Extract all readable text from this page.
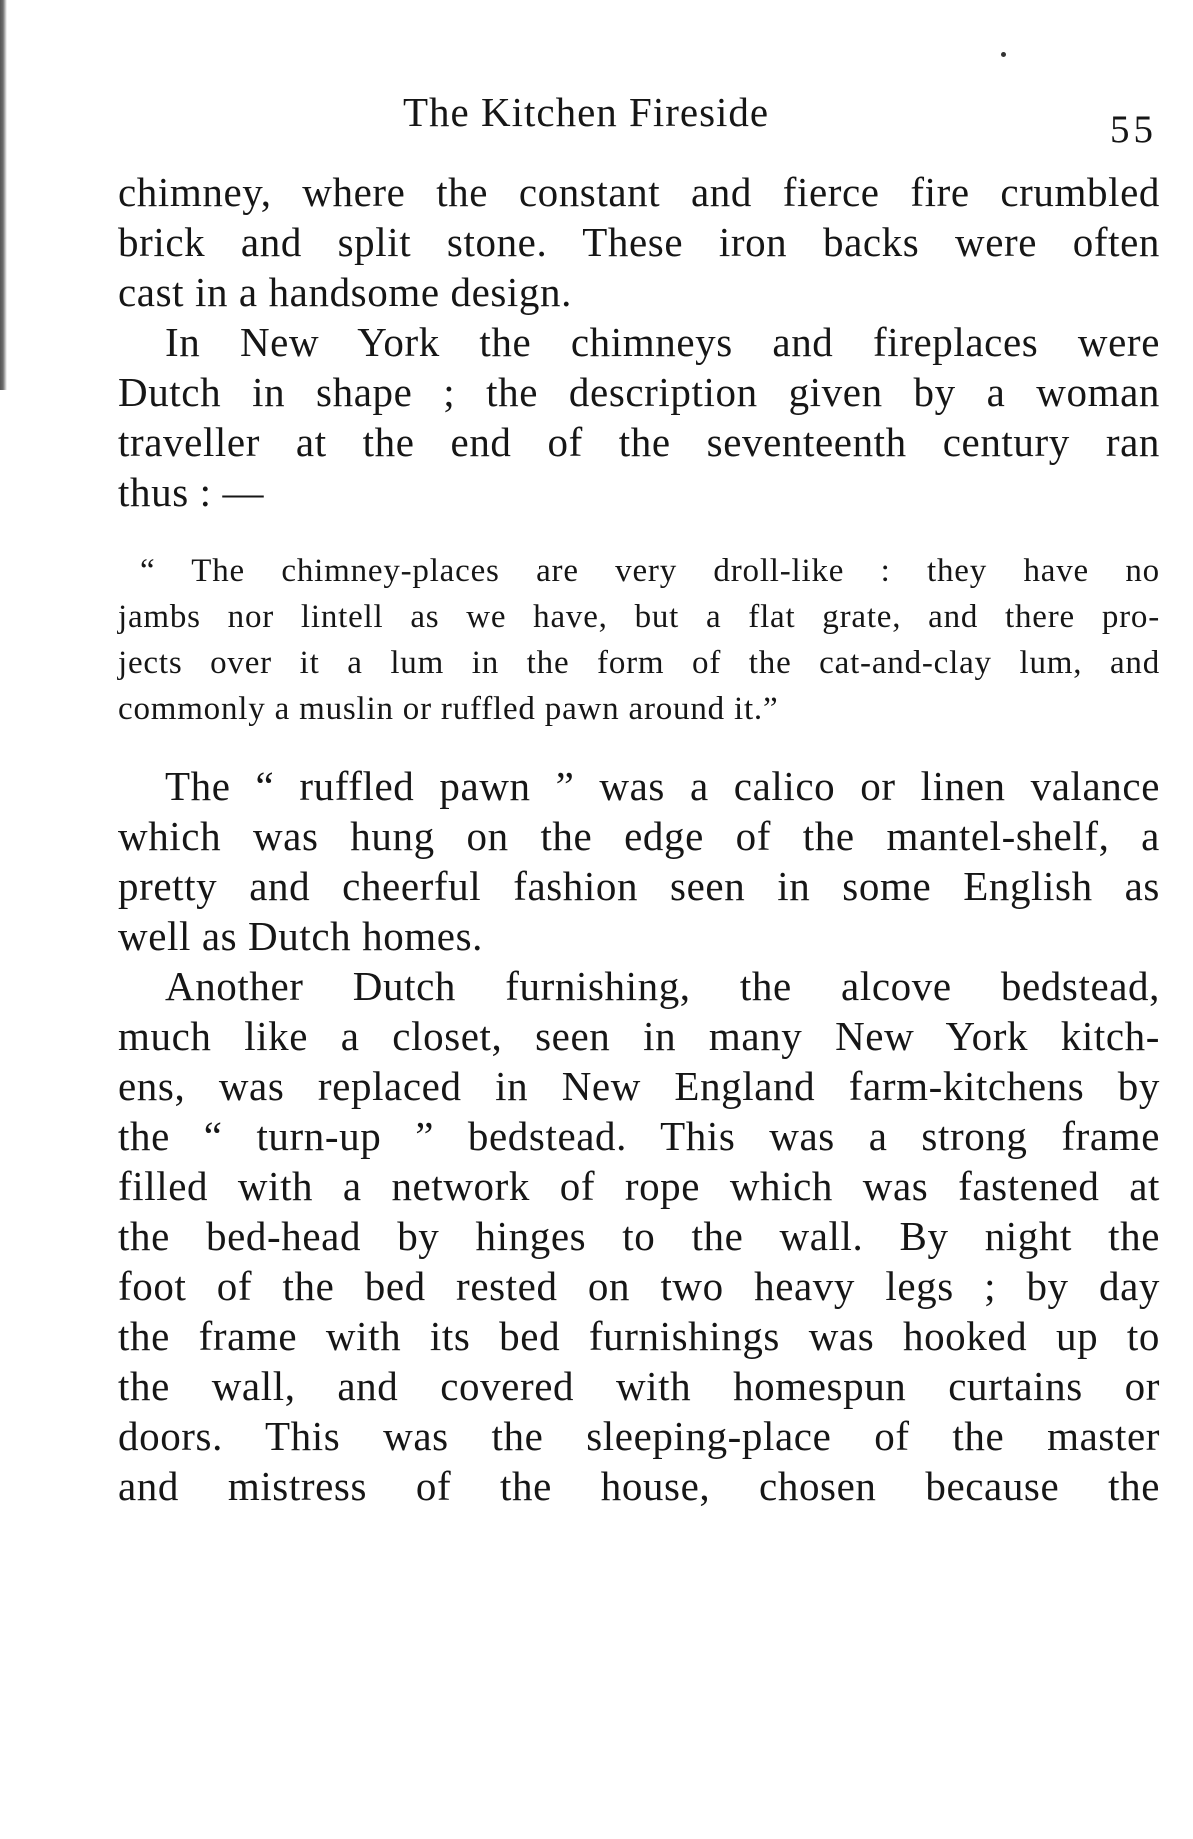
The Kitchen Fireside	55
chimney, where the constant and fierce fire crumbled
brick and split stone. These iron backs were often
cast in a handsome design.
In New York the chimneys and fireplaces were
Dutch in shape ; the description given by a woman
traveller at the end of the seventeenth century ran
thus : —
“ The chimney-places are very droll-like : they have no
jambs nor lintell as we have, but a flat grate, and there pro-
jects over it a lum in the form of the cat-and-clay lum, and
commonly a muslin or ruffled pawn around it.”
The “ ruffled pawn ” was a calico or linen valance
which was hung on the edge of the mantel-shelf, a
pretty and cheerful fashion seen in some English as
well as Dutch homes.
Another Dutch furnishing, the alcove bedstead,
much like a closet, seen in many New York kitch-
ens, was replaced in New England farm-kitchens by
the “ turn-up ” bedstead. This was a strong frame
filled with a network of rope which was fastened at
the bed-head by hinges to the wall. By night the
foot of the bed rested on two heavy legs ; by day
the frame with its bed furnishings was hooked up to
the wall, and covered with homespun curtains or
doors. This was the sleeping-place of the master
and mistress of the house, chosen because the
